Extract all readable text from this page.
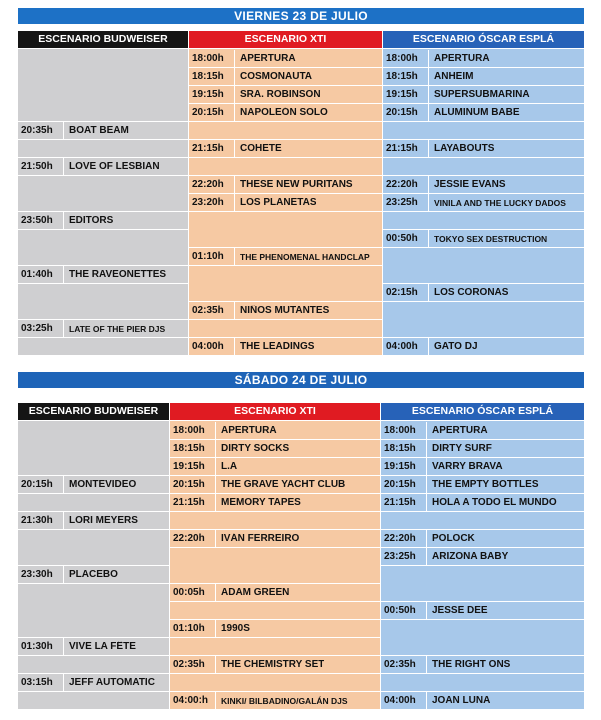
VIERNES 23 DE JULIO
ESCENARIO BUDWEISER
20:35h	BOAT BEAM
21:50h	LOVE OF LESBIAN
23:50h	EDITORS
01:40h	THE RAVEONETTES
03:25h	LATE OF THE PIER DJS
ESCENARIO XTI
18:00h	APERTURA
18:15h	COSMONAUTA
19:15h	SRA. ROBINSON
20:15h	NAPOLEÓN SOLO
21:15h	COHETE
22:20h	THESE NEW PURITANS
23:20h	LOS PLANETAS
01:10h	THE PHENOMENAL HANDCLAP
02:35h	NIÑOS MUTANTES
04:00h	THE LEADINGS
ESCENARIO ÓSCAR ESPLÁ
18:00h	APERTURA
18:15h	ANHEIM
19:15h	SUPERSUBMARINA
20:15h	ALUMINUM BABE
21:15h	LAYABOUTS
22:20h	JESSIE EVANS
23:25h	VINILA AND THE LUCKY DADOS
00:50h	TOKYO SEX DESTRUCTION
02:15h	LOS CORONAS
04:00h	GATO DJ
SÁBADO 24 DE JULIO
ESCENARIO BUDWEISER
20:15h	MONTEVIDEO
21:30h	LORI MEYERS
23:30h	PLACEBO
01:30h	VIVE LA FÊTE
03:15h	JEFF AUTOMATIC
ESCENARIO XTI
18:00h	APERTURA
18:15h	DIRTY SOCKS
19:15h	L.A
20:15h	THE GRAVE YACHT CLUB
21:15h	MEMORY TAPES
22:20h	IVÁN FERREIRO
00:05h	ADAM GREEN
01:10h	1990S
02:35h	THE CHEMISTRY SET
04:00:h	KINKI/ BILBADINO/GALÁN DJS
ESCENARIO ÓSCAR ESPLÁ
18:00h	APERTURA
18:15h	DIRTY SURF
19:15h	VARRY BRAVA
20:15h	THE EMPTY BOTTLES
21:15h	HOLA A TODO EL MUNDO
22:20h	POLOCK
23:25h	ARIZONA BABY
00:50h	JESSE DEE
02:35h	THE RIGHT ONS
04:00h	JOAN LUNA
